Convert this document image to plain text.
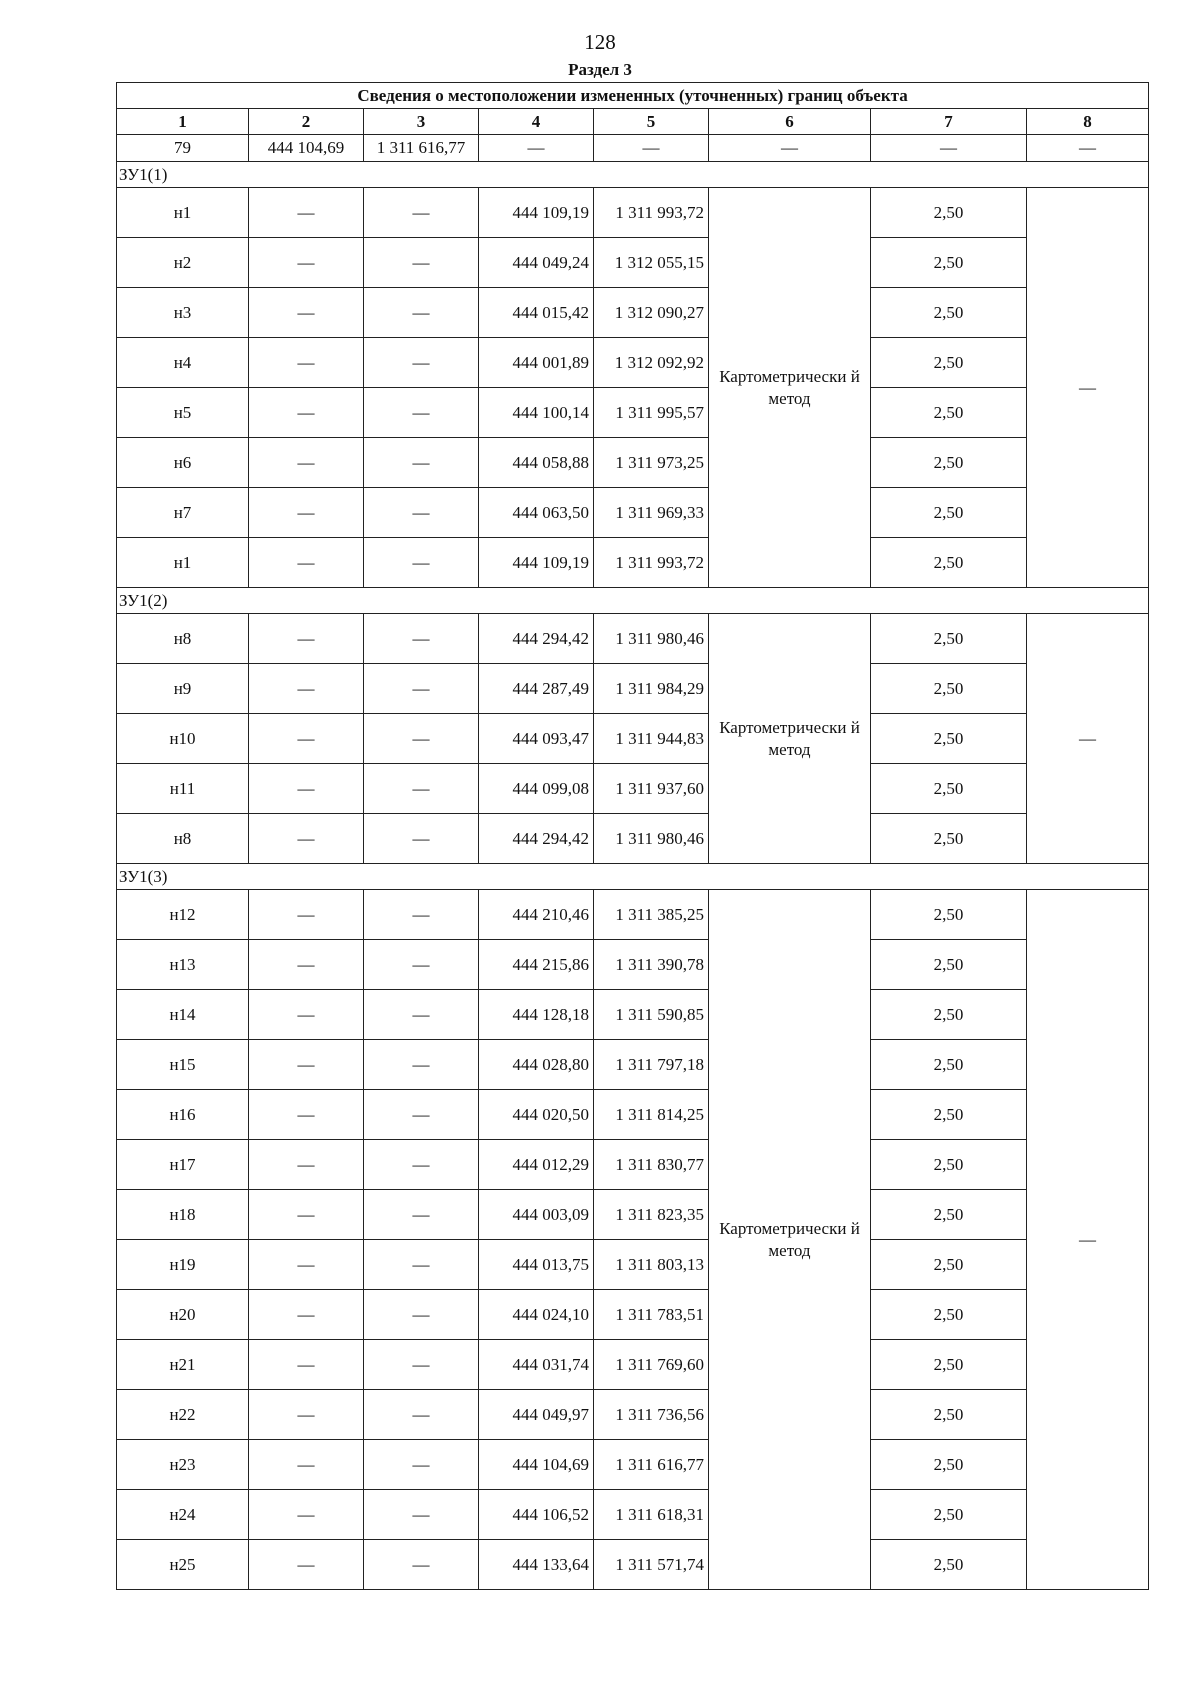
128
Раздел 3
Сведения о местоположении измененных (уточненных) границ объекта							
1	2	3	4	5	6	7	8
79	444 104,69	1 311 616,77	—	—	—	—	—
ЗУ1(1)							
н1	—	—	444 109,19	1 311 993,72	Картометрически й метод	2,50	—
н2	—	—	444 049,24	1 312 055,15		2,50	
н3	—	—	444 015,42	1 312 090,27		2,50	
н4	—	—	444 001,89	1 312 092,92		2,50	
н5	—	—	444 100,14	1 311 995,57		2,50	
н6	—	—	444 058,88	1 311 973,25		2,50	
н7	—	—	444 063,50	1 311 969,33		2,50	
н1	—	—	444 109,19	1 311 993,72		2,50	
ЗУ1(2)							
н8	—	—	444 294,42	1 311 980,46	Картометрически й метод	2,50	—
н9	—	—	444 287,49	1 311 984,29		2,50	
н10	—	—	444 093,47	1 311 944,83		2,50	
н11	—	—	444 099,08	1 311 937,60		2,50	
н8	—	—	444 294,42	1 311 980,46		2,50	
ЗУ1(3)							
н12	—	—	444 210,46	1 311 385,25	Картометрически й метод	2,50	—
н13	—	—	444 215,86	1 311 390,78		2,50	
н14	—	—	444 128,18	1 311 590,85		2,50	
н15	—	—	444 028,80	1 311 797,18		2,50	
н16	—	—	444 020,50	1 311 814,25		2,50	
н17	—	—	444 012,29	1 311 830,77		2,50	
н18	—	—	444 003,09	1 311 823,35		2,50	
н19	—	—	444 013,75	1 311 803,13		2,50	
н20	—	—	444 024,10	1 311 783,51		2,50	
н21	—	—	444 031,74	1 311 769,60		2,50	
н22	—	—	444 049,97	1 311 736,56		2,50	
н23	—	—	444 104,69	1 311 616,77		2,50	
н24	—	—	444 106,52	1 311 618,31		2,50	
н25	—	—	444 133,64	1 311 571,74		2,50	
